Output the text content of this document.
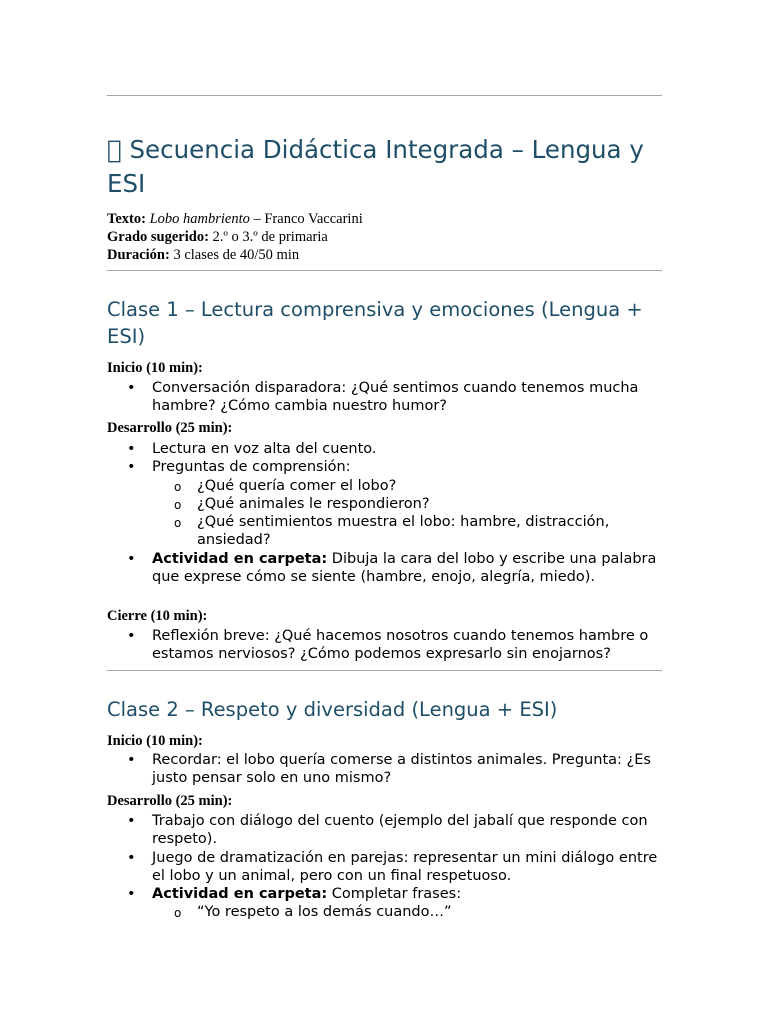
  Secuencia Didáctica Integrada – Lengua y ESI

Texto: Lobo hambriento – Franco Vaccarini

Grado sugerido: 2.º o 3.º de primaria

Duración: 3 clases de 40/50 min

Clase 1 – Lectura comprensiva y emociones (Lengua + ESI)

Inicio (10 min):

• Conversación disparadora: ¿Qué sentimos cuando tenemos mucha hambre? ¿Cómo cambia nuestro humor?

Desarrollo (25 min):

• Lectura en voz alta del cuento.
• Preguntas de comprensión:
o ¿Qué quería comer el lobo?
o ¿Qué animales le respondieron?
o ¿Qué sentimientos muestra el lobo: hambre, distracción, ansiedad?
• Actividad en carpeta: Dibuja la cara del lobo y escribe una palabra que exprese cómo se siente (hambre, enojo, alegría, miedo).

Cierre (10 min):

• Reflexión breve: ¿Qué hacemos nosotros cuando tenemos hambre o estamos nerviosos? ¿Cómo podemos expresarlo sin enojarnos?
Clase 2 – Respeto y diversidad (Lengua + ESI)

Inicio (10 min):

• Recordar: el lobo quería comerse a distintos animales. Pregunta: ¿Es justo pensar solo en uno mismo?

Desarrollo (25 min):

• Trabajo con diálogo del cuento (ejemplo del jabalí que responde con respeto).
• Juego de dramatización en parejas: representar un mini diálogo entre el lobo y un animal, pero con un final respetuoso.
• Actividad en carpeta: Completar frases:
o “Yo respeto a los demás cuando…”
